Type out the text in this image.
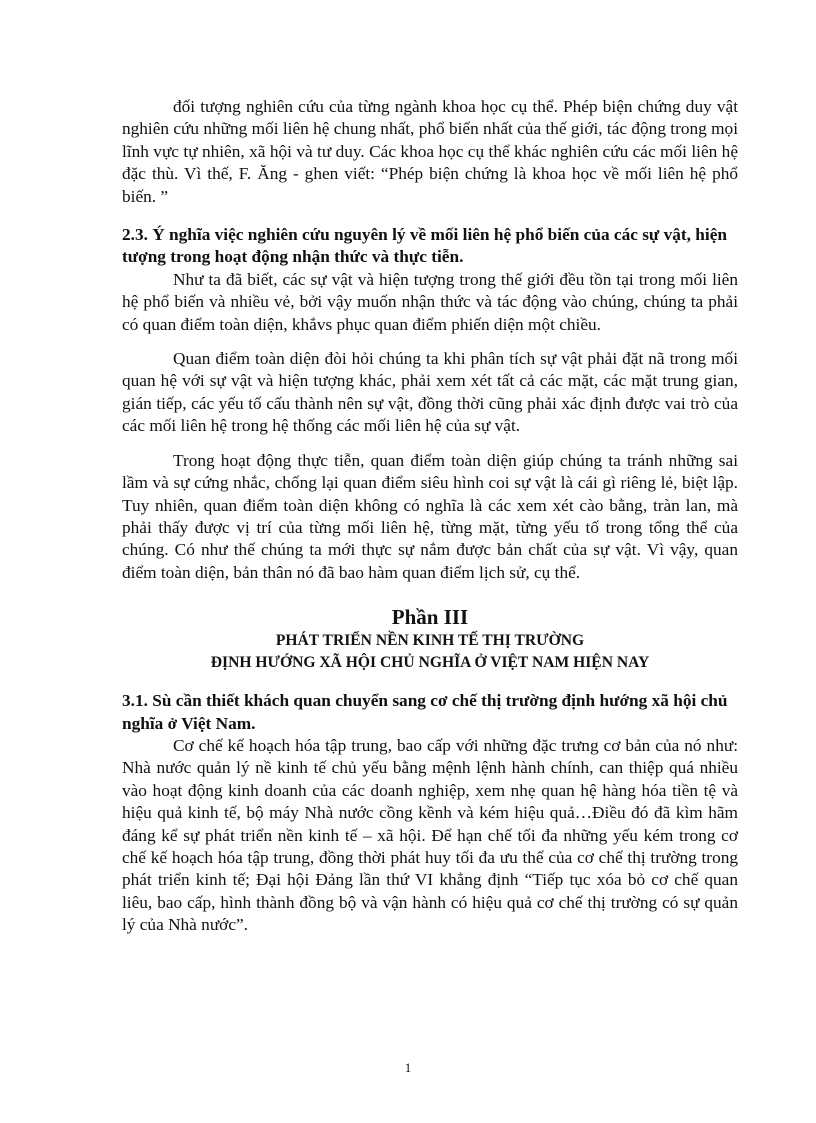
đối tượng nghiên cứu của từng ngành khoa học cụ thể. Phép biện chứng duy vật nghiên cứu những mối liên hệ chung nhất, phổ biến nhất của thế giới, tác động trong mọi lĩnh vực tự nhiên, xã hội và tư duy. Các khoa học cụ thể khác nghiên cứu các mối liên hệ đặc thù. Vì thế, F. Ăng - ghen viết: “Phép biện chứng là khoa học về mối liên hệ phổ biến. ”

2.3. Ý nghĩa việc nghiên cứu nguyên lý về mối liên hệ phổ biến của các sự vật, hiện tượng trong hoạt động nhận thức và thực tiễn.

Như ta đã biết, các sự vật và hiện tượng trong thế giới đều tồn tại trong mối liên hệ phổ biến và nhiều vẻ, bởi vậy muốn nhận thức và tác động vào chúng, chúng ta phải có quan điểm toàn diện, khắvs phục quan điểm phiến diện một chiều.

Quan điểm toàn diện đòi hỏi chúng ta khi phân tích sự vật phải đặt nã trong mối quan hệ với sự vật và hiện tượng khác, phải xem xét tất cả các mặt, các mặt trung gian, gián tiếp, các yếu tố cấu thành nên sự vật, đồng thời cũng phải xác định được vai trò của các mối liên hệ trong hệ thống các mối liên hệ của sự vật.

Trong hoạt động thực tiễn, quan điểm toàn diện giúp chúng ta tránh những sai lầm và sự cứng nhắc, chống lại quan điểm siêu hình coi sự vật là cái gì riêng lẻ, biệt lập. Tuy nhiên, quan điểm toàn diện không có nghĩa là các xem xét cào bằng, tràn lan, mà phải thấy được vị trí của từng mối liên hệ, từng mặt, từng yếu tố trong tổng thể của chúng. Có như thế chúng ta mới thực sự nắm được bản chất của sự vật. Vì vậy, quan điểm toàn diện, bản thân nó đã bao hàm quan điểm lịch sử, cụ thể.

Phần III

PHÁT TRIỂN NỀN KINH TẾ THỊ TRƯỜNG

ĐỊNH HƯỚNG XÃ HỘI CHỦ NGHĨA Ở VIỆT NAM HIỆN NAY

3.1. Sù cần thiết khách quan chuyển sang cơ chế thị trường định hướng xã hội chủ nghĩa ở Việt Nam.

Cơ chế kế hoạch hóa tập trung, bao cấp với những đặc trưng cơ bản của nó như: Nhà nước quản lý nề kinh tế chủ yếu bằng mệnh lệnh hành chính, can thiệp quá nhiều vào hoạt động kinh doanh của các doanh nghiệp, xem nhẹ quan hệ hàng hóa tiền tệ và hiệu quả kinh tế, bộ máy Nhà nước cồng kềnh và kém hiệu quả…Điều đó đã kìm hãm đáng kể sự phát triển nền kinh tế – xã hội. Để hạn chế tối đa những yếu kém trong cơ chế kế hoạch hóa tập trung, đồng thời phát huy tối đa ưu thế của cơ chế thị trường trong phát triển kinh tế; Đại hội Đảng lần thứ VI khẳng định “Tiếp tục xóa bỏ cơ chế quan liêu, bao cấp, hình thành đồng bộ và vận hành có hiệu quả cơ chế thị trường có sự quản lý của Nhà nước”.

1
